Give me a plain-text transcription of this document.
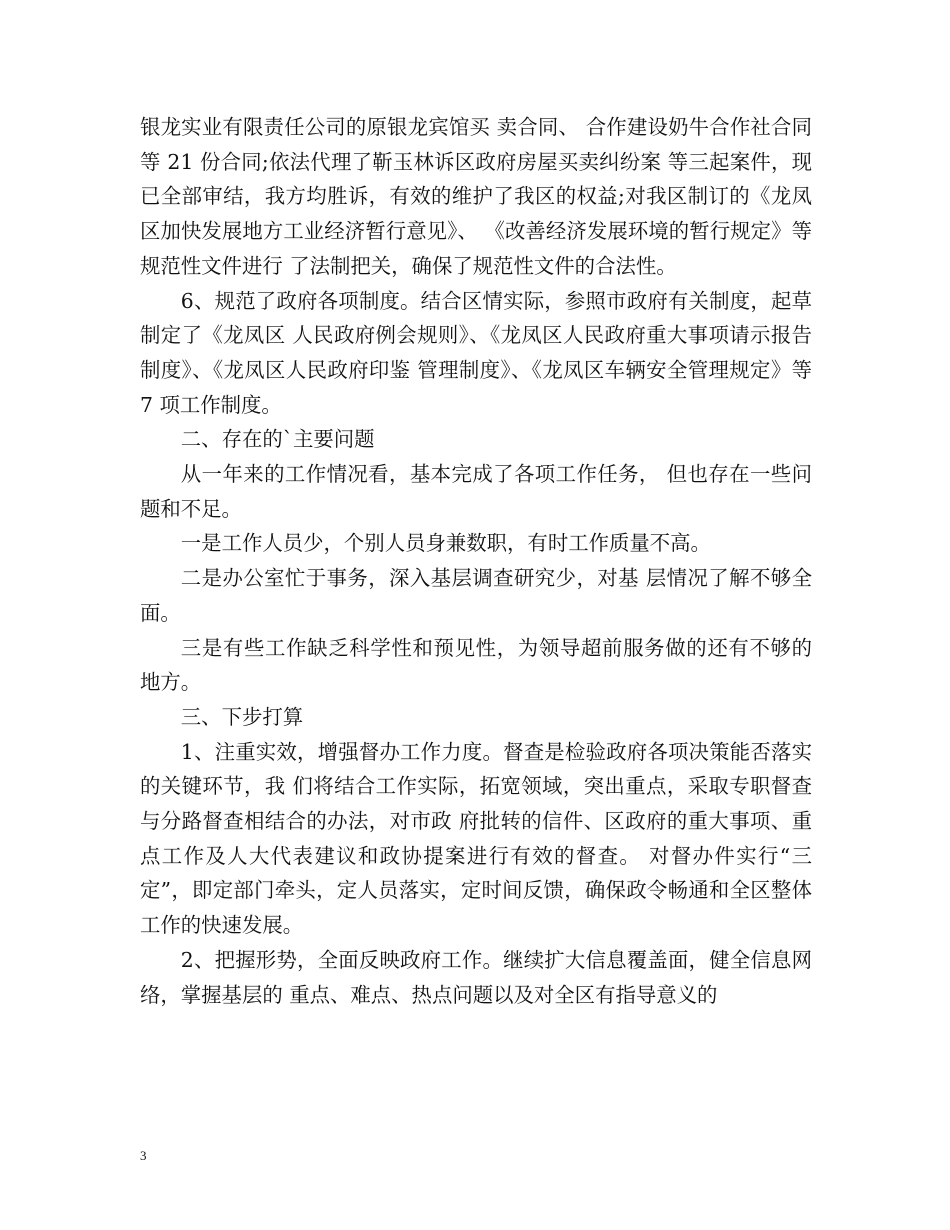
银龙实业有限责任公司的原银龙宾馆买 卖合同、 合作建设奶牛合作社合同等 21 份合同;依法代理了靳玉林诉区政府房屋买卖纠纷案 等三起案件，现已全部审结，我方均胜诉，有效的维护了我区的权益;对我区制订的《龙凤 区加快发展地方工业经济暂行意见》、 《改善经济发展环境的暂行规定》等规范性文件进行 了法制把关，确保了规范性文件的合法性。

6、规范了政府各项制度。结合区情实际，参照市政府有关制度，起草制定了《龙凤区 人民政府例会规则》、《龙凤区人民政府重大事项请示报告制度》、《龙凤区人民政府印鉴 管理制度》、《龙凤区车辆安全管理规定》等 7 项工作制度。

二、存在的`主要问题

从一年来的工作情况看，基本完成了各项工作任务， 但也存在一些问题和不足。

一是工作人员少，个别人员身兼数职，有时工作质量不高。

二是办公室忙于事务，深入基层调查研究少，对基 层情况了解不够全面。

三是有些工作缺乏科学性和预见性，为领导超前服务做的还有不够的地方。

三、下步打算

1、注重实效，增强督办工作力度。督查是检验政府各项决策能否落实的关键环节，我 们将结合工作实际，拓宽领域，突出重点，采取专职督查与分路督查相结合的办法，对市政 府批转的信件、区政府的重大事项、重点工作及人大代表建议和政协提案进行有效的督查。 对督办件实行“三定”，即定部门牵头，定人员落实，定时间反馈，确保政令畅通和全区整体工作的快速发展。

2、把握形势，全面反映政府工作。继续扩大信息覆盖面，健全信息网络，掌握基层的 重点、难点、热点问题以及对全区有指导意义的

3
